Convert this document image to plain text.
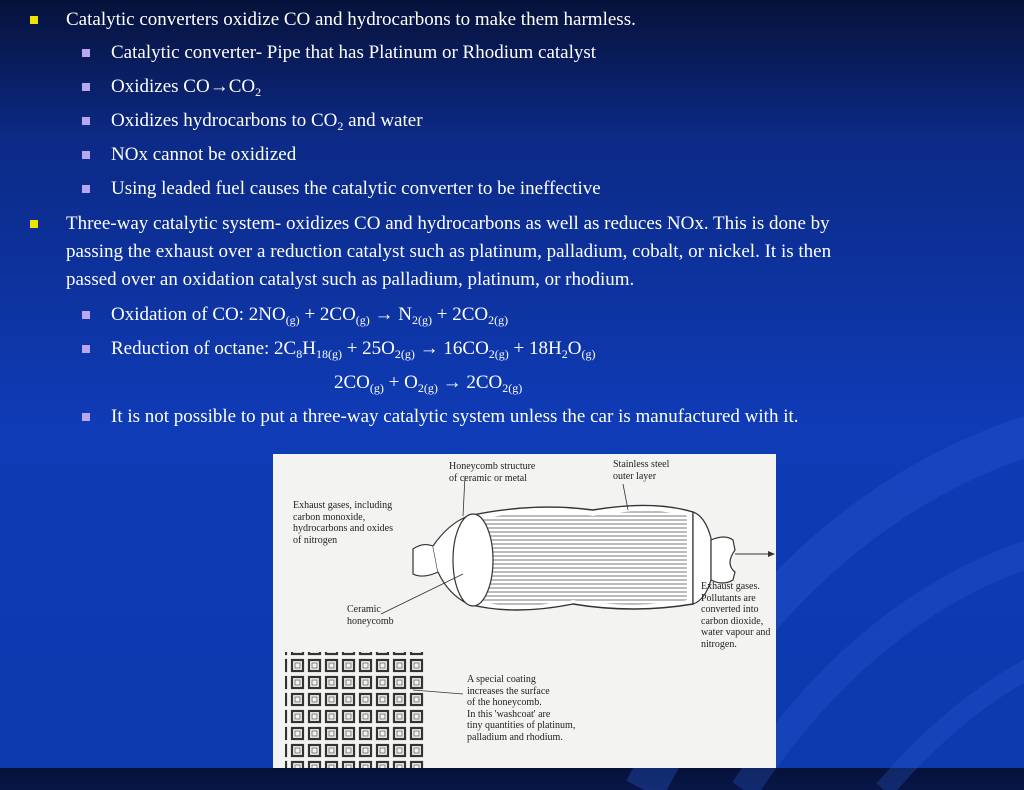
Catalytic converters oxidize CO and hydrocarbons to make them harmless.
Catalytic converter- Pipe that has Platinum or Rhodium catalyst
Oxidizes $CO\to CO_2$
Oxidizes hydrocarbons to $CO_2$ and water
NOx cannot be oxidized
Using leaded fuel causes the catalytic converter to be ineffective
Three-way catalytic system- oxidizes CO and hydrocarbons as well as reduces NOx. This is done by
passing the exhaust over a reduction catalyst such as platinum, palladium, cobalt, or nickel. It is then
passed over an oxidation catalyst such as palladium, platinum, or rhodium.
Oxidation of CO: $2NO_{(g)} + 2CO_{(g)} \to N_{2(g)} + 2CO_{2(g)}$
Reduction of octane: $2C_8H_{18(g)} + 25O_{2(g)} \to 16CO_{2(g)} + 18H_2O_{(g)}$
$2CO_{(g)} + O_{2(g)} \to 2CO_{2(g)}$
It is not possible to put a three-way catalytic system unless the car is manufactured with it.
Honeycomb structure
of ceramic or metal
Stainless steel
outer layer
Exhaust gases, including
carbon monoxide,
hydrocarbons and oxides
of nitrogen
Ceramic
honeycomb
Exhaust gases.
Pollutants are
converted into
carbon dioxide,
water vapour and
nitrogen.
A special coating
increases the surface
of the honeycomb.
In this 'washcoat' are
tiny quantities of platinum,
palladium and rhodium.
